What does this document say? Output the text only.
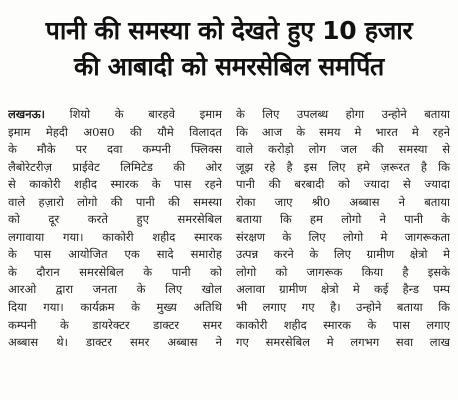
पानी की समस्या को देखते हुए 10 हजार
की आबादी को समरसेबिल समर्पित
लखनऊ। शियो के बारहवे इमाम
इमाम मेहदी अ0स0 की यौमे विलादत
के मौके पर दवा कम्पनी फ्लिक्स
लैबोरेटरीज़ प्राईवेट लिमिटेड की ओर
से काकोरी शहीद स्मारक के पास रहने
वाले हज़ारो लोगो की पानी की समस्या
को दूर करते हुए समरसेबिल
लगावाया गया। काकोरी शहीद स्मारक
के पास आयोजित एक सादे समारोह
के दौरान समरसेबिल के पानी को
आरओ द्वारा जनता के लिए खोल
दिया गया। कार्यक्रम के मुख्य अतिथि
कम्पनी के डायरेक्टर डाक्टर समर
अब्बास थे। डाक्टर समर अब्बास ने
के लिए उपलब्ध होगा उन्होने बताया
कि आज के समय मे भारत मे रहने
वाले करोड़ो लोग जल की समस्या से
जूझ रहे है इस लिए हमे ज़रूरत है कि
पानी की बरबादी को ज्यादा से ज्यादा
रोका जाए श्री0 अब्बास ने बताया
बताया कि हम लोगो ने पानी के
संरक्षण के लिए लोगो मे जागरूकता
उत्पन्न करने के लिए ग्रामीण क्षेत्रो मे
लोगो को जागरूक किया है इसके
अलावा ग्रामीण क्षेत्रो मे कई हैन्ड पम्प
भी लगाए गए है। उन्होने बताया कि
काकोरी शहीद स्मारक के पास लगाए
गए समरसेबिल मे लगभग सवा लाख
